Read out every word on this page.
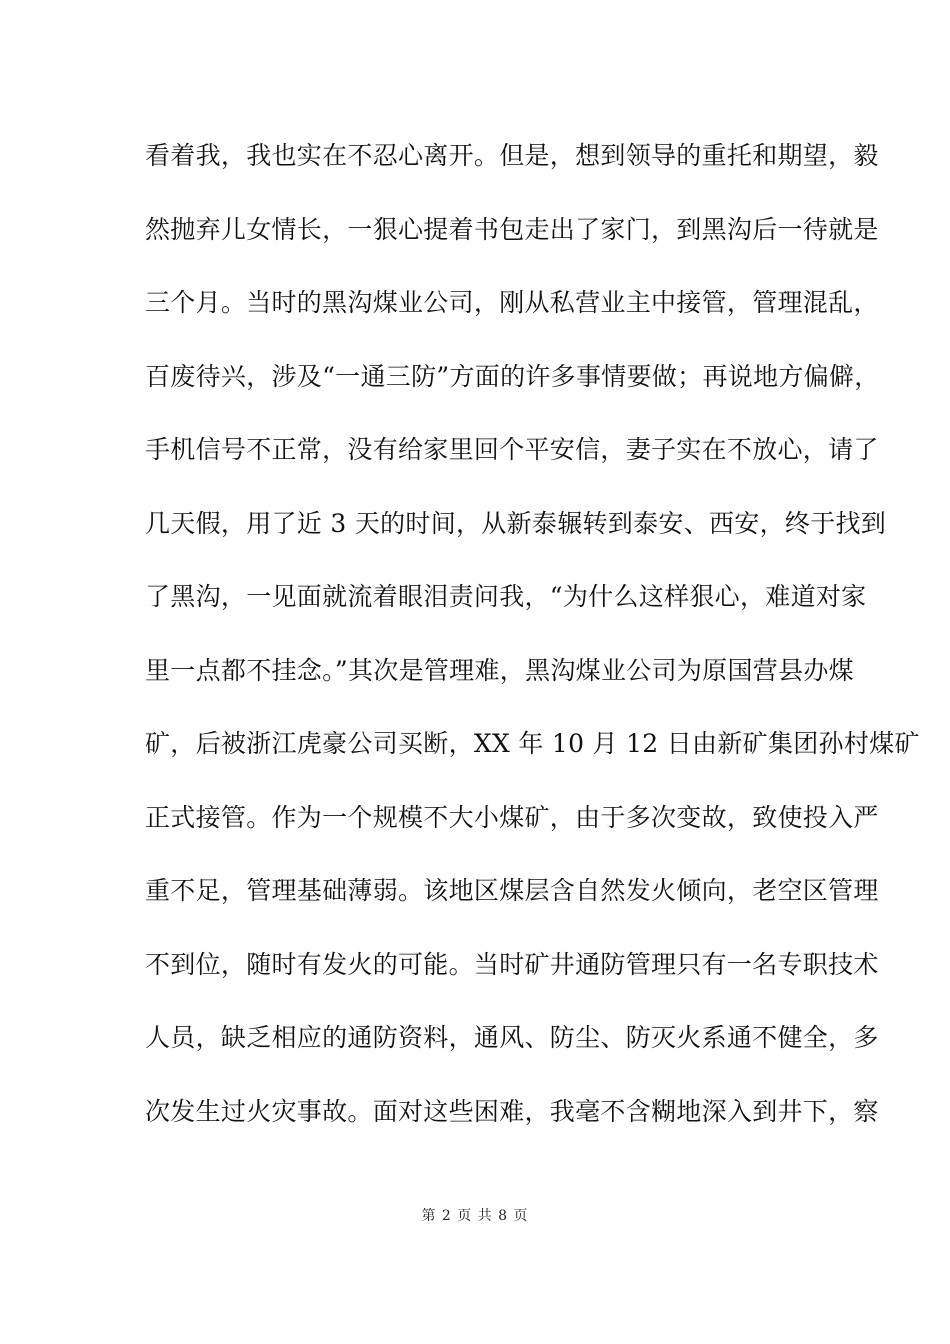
看着我，我也实在不忍心离开。但是，想到领导的重托和期望，毅
然抛弃儿女情长，一狠心提着书包走出了家门，到黑沟后一待就是
三个月。当时的黑沟煤业公司，刚从私营业主中接管，管理混乱，
百废待兴，涉及“一通三防”方面的许多事情要做；再说地方偏僻，
手机信号不正常，没有给家里回个平安信，妻子实在不放心，请了
几天假，用了近 3 天的时间，从新泰辗转到泰安、西安，终于找到
了黑沟，一见面就流着眼泪责问我，“为什么这样狠心，难道对家
里一点都不挂念。”其次是管理难，黑沟煤业公司为原国营县办煤
矿，后被浙江虎豪公司买断，XX 年 10 月 12 日由新矿集团孙村煤矿
正式接管。作为一个规模不大小煤矿，由于多次变故，致使投入严
重不足，管理基础薄弱。该地区煤层含自然发火倾向，老空区管理
不到位，随时有发火的可能。当时矿井通防管理只有一名专职技术
人员，缺乏相应的通防资料，通风、防尘、防灭火系通不健全，多
次发生过火灾事故。面对这些困难，我毫不含糊地深入到井下，察
第 2 页 共 8 页
